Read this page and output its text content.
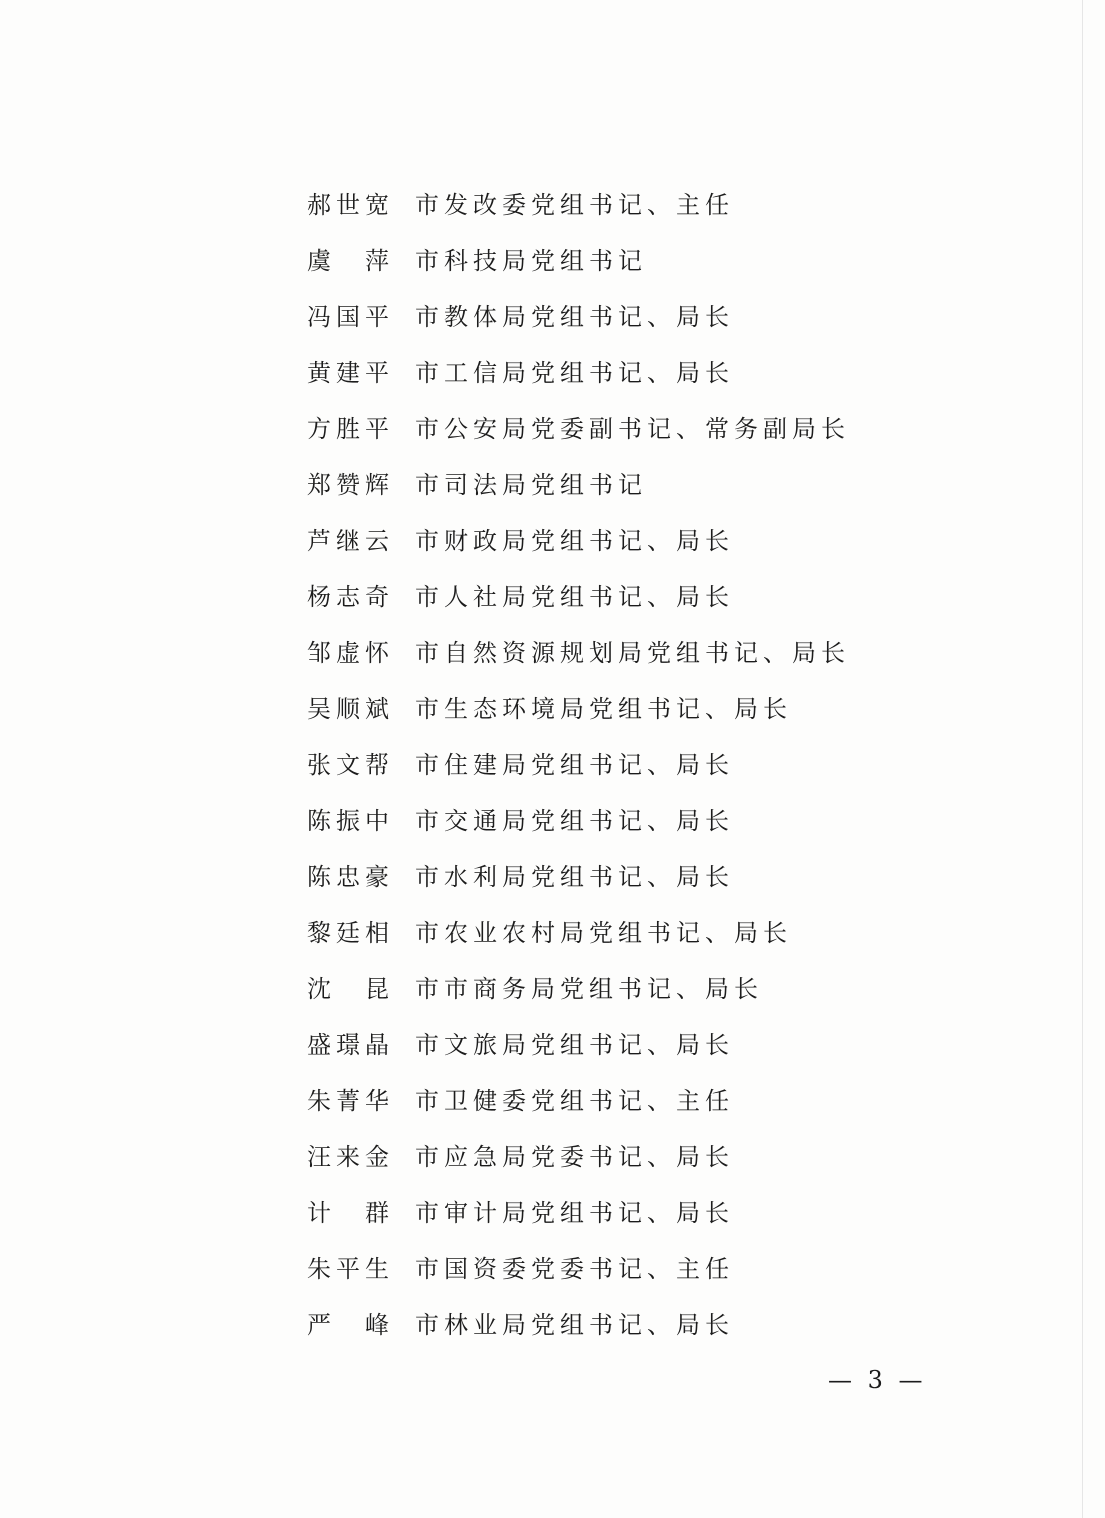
郝世宽 市发改委党组书记、主任
虞萍
市科技局党组书记
冯国平 市教体局党组书记、局长
黄建平 市工信局党组书记、局长
方胜平 市公安局党委副书记、常务副局长
郑赞辉 市司法局党组书记
芦继云 市财政局党组书记、局长
杨志奇 市人社局党组书记、局长
邹虚怀 市自然资源规划局党组书记、局长
吴顺斌 市生态环境局党组书记、局长
张文帮 市住建局党组书记、局长
陈振中 市交通局党组书记、局长
陈忠豪 市水利局党组书记、局长
黎廷相 市农业农村局党组书记、局长
沈昆
市市商务局党组书记、局长
盛璟晶 市文旅局党组书记、局长
朱菁华 市卫健委党组书记、主任
汪来金 市应急局党委书记、局长
计群
市审计局党组书记、局长
朱平生 市国资委党委书记、主任
严峰
市林业局党组书记、局长
— 3 —
